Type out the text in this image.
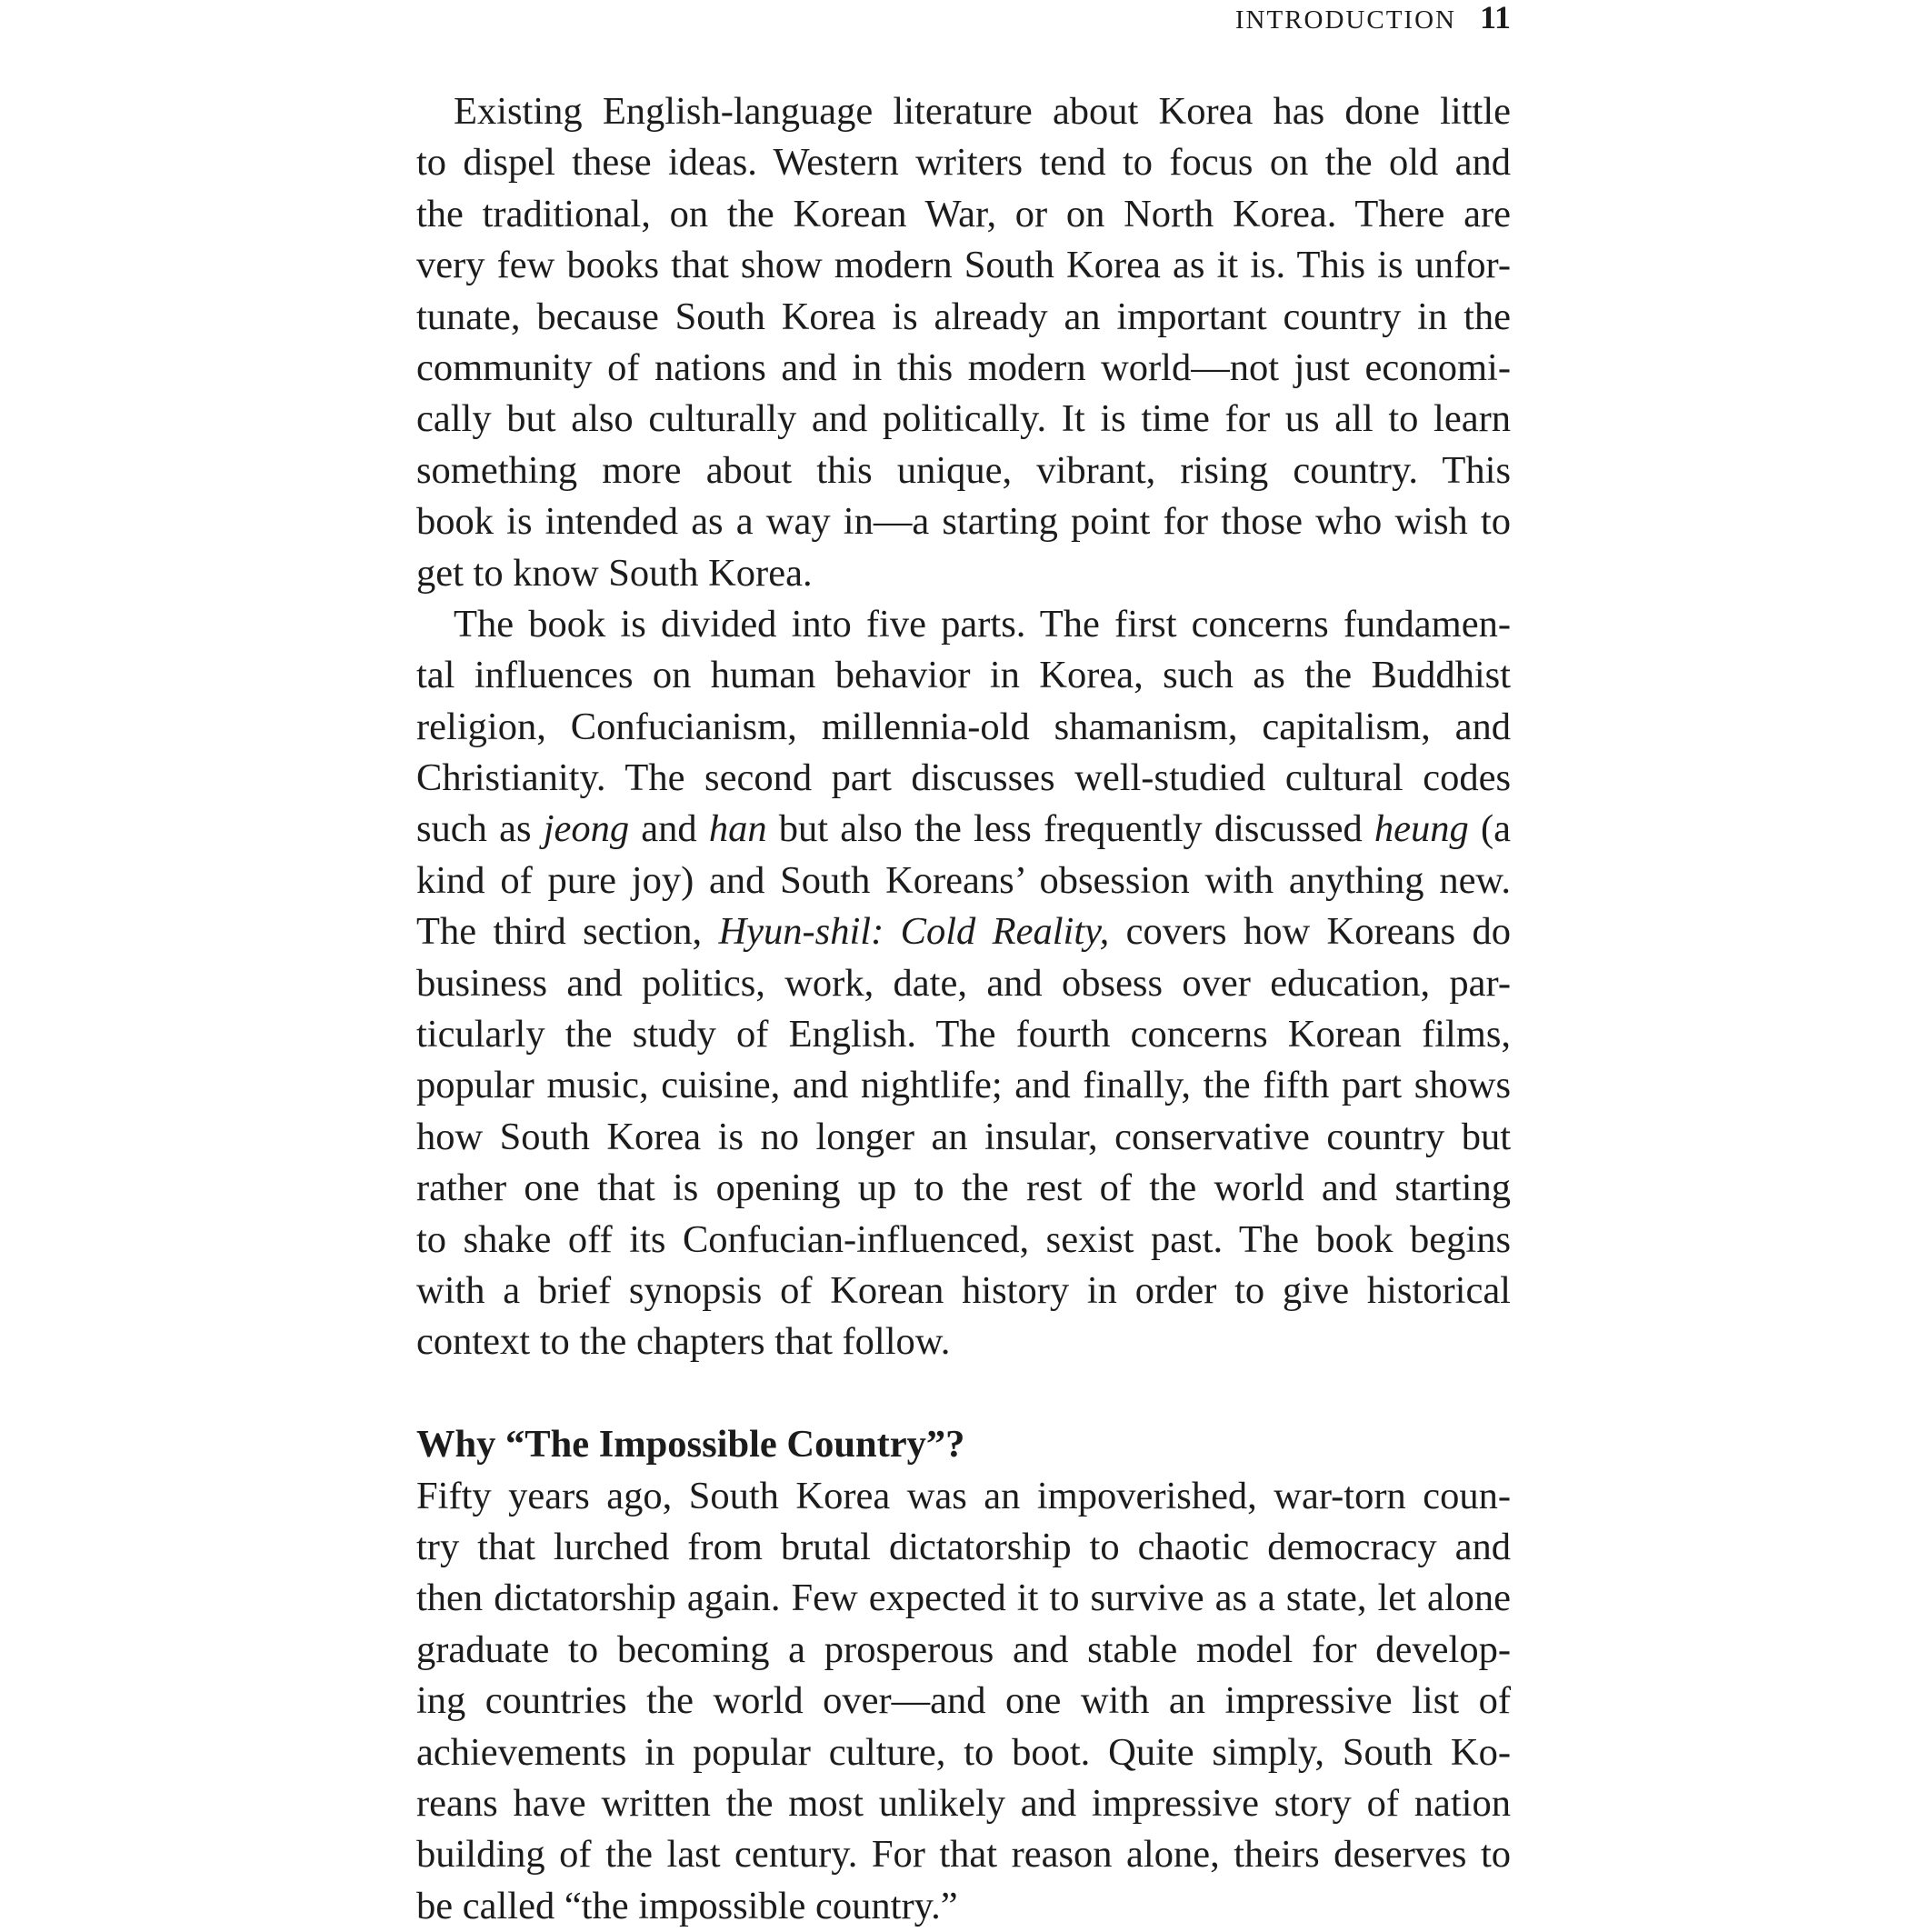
INTRODUCTION 11
Existing English-language literature about Korea has done little
to dispel these ideas. Western writers tend to focus on the old and
the traditional, on the Korean War, or on North Korea. There are
very few books that show modern South Korea as it is. This is unfor-
tunate, because South Korea is already an important country in the
community of nations and in this modern world—not just economi-
cally but also culturally and politically. It is time for us all to learn
something more about this unique, vibrant, rising country. This
book is intended as a way in—a starting point for those who wish to
get to know South Korea.
The book is divided into five parts. The first concerns fundamen-
tal influences on human behavior in Korea, such as the Buddhist
religion, Confucianism, millennia-old shamanism, capitalism, and
Christianity. The second part discusses well-studied cultural codes
such as jeong and han but also the less frequently discussed heung (a
kind of pure joy) and South Koreans’ obsession with anything new.
The third section, Hyun-shil: Cold Reality, covers how Koreans do
business and politics, work, date, and obsess over education, par-
ticularly the study of English. The fourth concerns Korean films,
popular music, cuisine, and nightlife; and finally, the fifth part shows
how South Korea is no longer an insular, conservative country but
rather one that is opening up to the rest of the world and starting
to shake off its Confucian-influenced, sexist past. The book begins
with a brief synopsis of Korean history in order to give historical
context to the chapters that follow.
Why “The Impossible Country”?
Fifty years ago, South Korea was an impoverished, war-torn coun-
try that lurched from brutal dictatorship to chaotic democracy and
then dictatorship again. Few expected it to survive as a state, let alone
graduate to becoming a prosperous and stable model for develop-
ing countries the world over—and one with an impressive list of
achievements in popular culture, to boot. Quite simply, South Ko-
reans have written the most unlikely and impressive story of nation
building of the last century. For that reason alone, theirs deserves to
be called “the impossible country.”
